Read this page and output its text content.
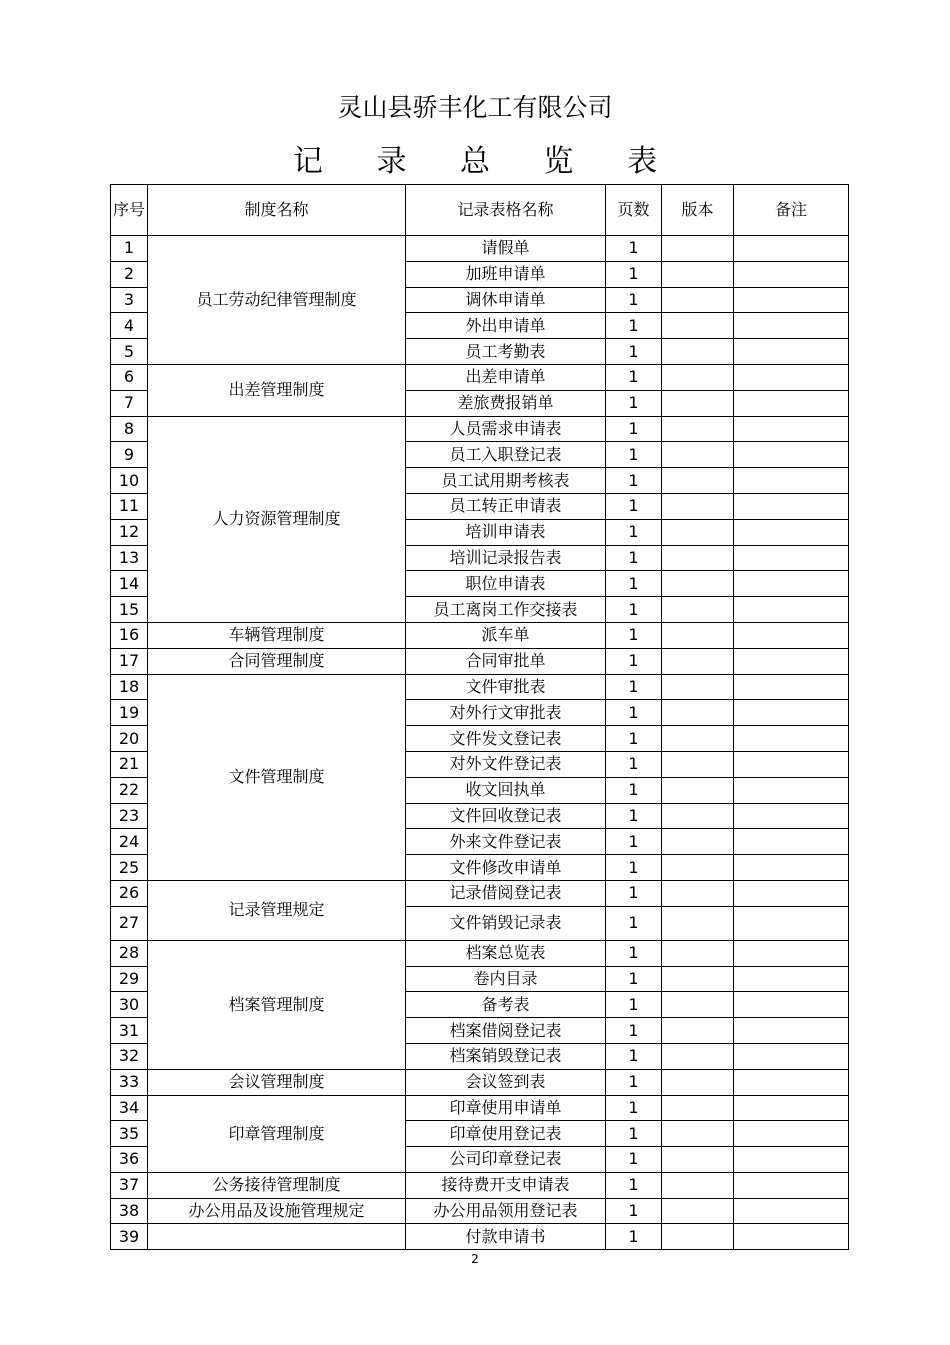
灵山县骄丰化工有限公司
记 录 总 览 表
序号	制度名称	记录表格名称	页数	版本	备注
1	员工劳动纪律管理制度	请假单	1		
2		加班申请单	1		
3		调休申请单	1		
4		外出申请单	1		
5		员工考勤表	1		
6	出差管理制度	出差申请单	1		
7		差旅费报销单	1		
8	人力资源管理制度	人员需求申请表	1		
9		员工入职登记表	1		
10		员工试用期考核表	1		
11		员工转正申请表	1		
12		培训申请表	1		
13		培训记录报告表	1		
14		职位申请表	1		
15		员工离岗工作交接表	1		
16	车辆管理制度	派车单	1		
17	合同管理制度	合同审批单	1		
18	文件管理制度	文件审批表	1		
19		对外行文审批表	1		
20		文件发文登记表	1		
21		对外文件登记表	1		
22		收文回执单	1		
23		文件回收登记表	1		
24		外来文件登记表	1		
25		文件修改申请单	1		
26	记录管理规定	记录借阅登记表	1		
27		文件销毁记录表	1		
28	档案管理制度	档案总览表	1		
29		卷内目录	1		
30		备考表	1		
31		档案借阅登记表	1		
32		档案销毁登记表	1		
33	会议管理制度	会议签到表	1		
34	印章管理制度	印章使用申请单	1		
35		印章使用登记表	1		
36		公司印章登记表	1		
37	公务接待管理制度	接待费开支申请表	1		
38	办公用品及设施管理规定	办公用品领用登记表	1		
39		付款申请书	1		
2
